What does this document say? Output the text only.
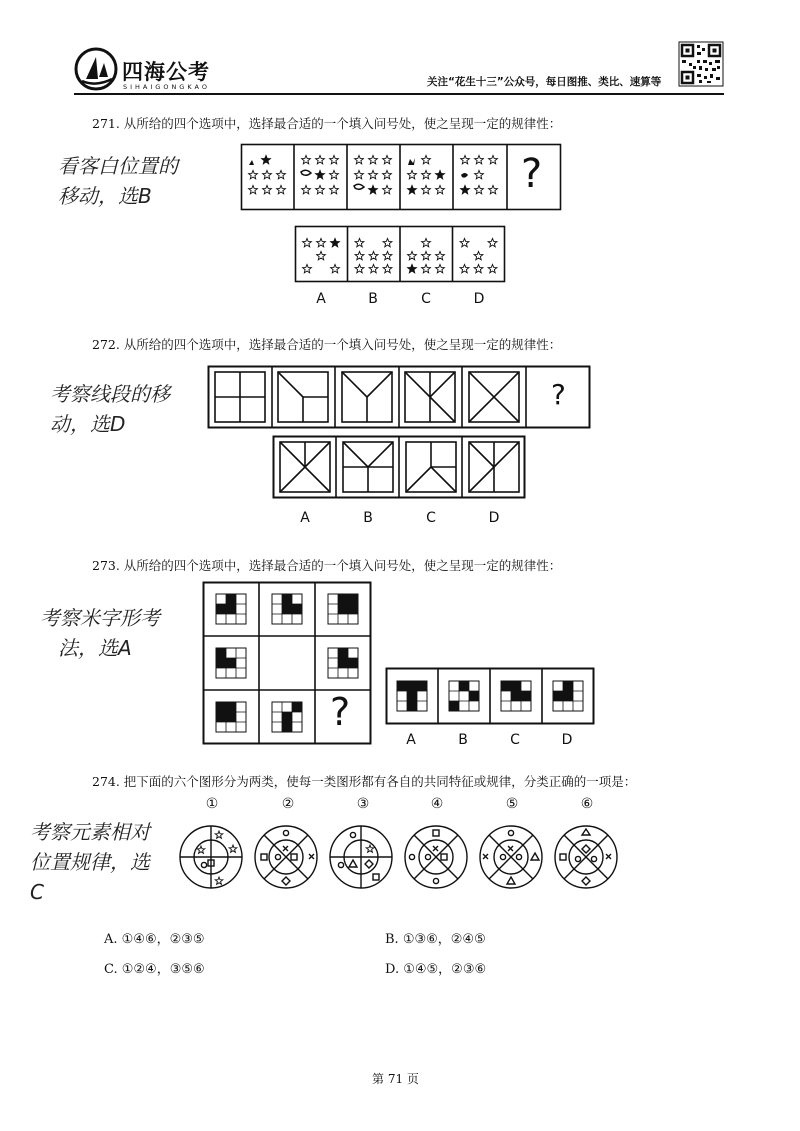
四海公考
SIHAIGONGKAO	关注“花生十三”公众号，每日图推、类比、速算等
271. 从所给的四个选项中，选择最合适的一个填入问号处，使之呈现一定的规律性：
看客白位置的
移动，选B	?
A	B	C	D
272. 从所给的四个选项中，选择最合适的一个填入问号处，使之呈现一定的规律性：
考察线段的移
动，选D
?
A	B	C	D
273. 从所给的四个选项中，选择最合适的一个填入问号处，使之呈现一定的规律性：
考察米字形考
法，选A
?
A	B	C	D
274. 把下面的六个图形分为两类，使每一类图形都有各自的共同特征或规律，分类正确的一项是：
考察元素相对
位置规律，选
C
①	②	③	④	⑤	⑥
A. ①④⑥，②③⑤	B. ①③⑥，②④⑤
C. ①②④，③⑤⑥	D. ①④⑤，②③⑥
第 71 页
